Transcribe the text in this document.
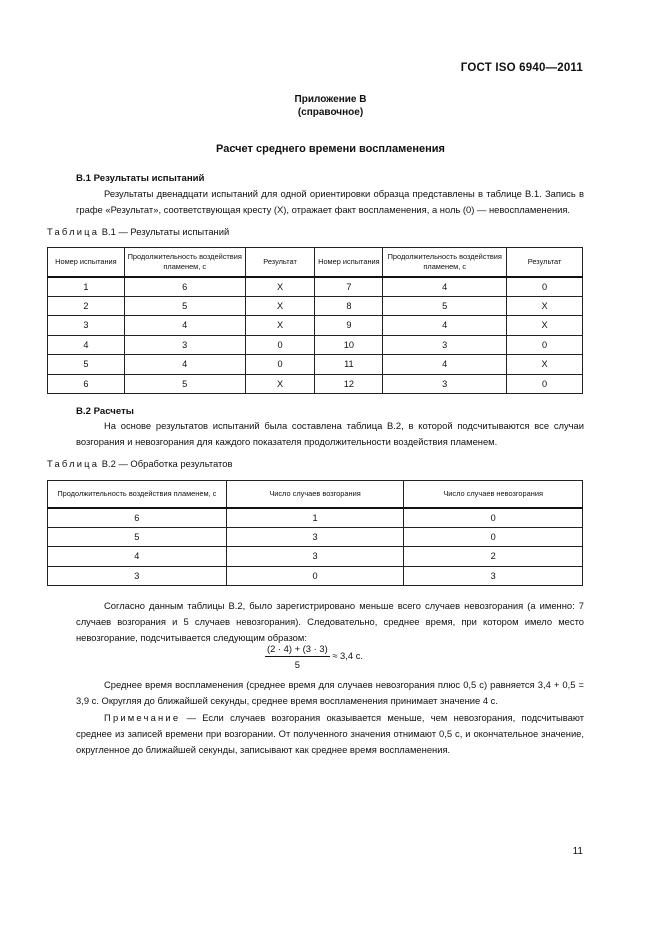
ГОСТ ISO 6940—2011
Приложение В
(справочное)
Расчет среднего времени воспламенения
В.1 Результаты испытаний
Результаты двенадцати испытаний для одной ориентировки образца представлены в таблице В.1. Запись в графе «Результат», соответствующая кресту (X), отражает факт воспламенения, а ноль (0) — невоспламенения.
Таблица В.1 — Результаты испытаний
Номер испытания	Продолжительность воздействия пламенем, с	Результат	Номер испытания	Продолжительность воздействия пламенем, с	Результат
1	6	X	7	4	0
2	5	X	8	5	X
3	4	X	9	4	X
4	3	0	10	3	0
5	4	0	11	4	X
6	5	X	12	3	0
В.2 Расчеты
На основе результатов испытаний была составлена таблица В.2, в которой подсчитываются все случаи возгорания и невозгорания для каждого показателя продолжительности воздействия пламенем.
Таблица В.2 — Обработка результатов
Продолжительность воздействия пламенем, с	Число случаев возгорания	Число случаев невозгорания
6	1	0
5	3	0
4	3	2
3	0	3
Согласно данным таблицы В.2, было зарегистрировано меньше всего случаев невозгорания (а именно: 7 случаев возгорания и 5 случаев невозгорания). Следовательно, среднее время, при котором имело место невозгорание, подсчитывается следующим образом:
$\frac{(2 \cdot 4) + (3 \cdot 3)}{5} \approx 3,4$ с.
Среднее время воспламенения (среднее время для случаев невозгорания плюс 0,5 с) равняется 3,4 + 0,5 = 3,9 с. Округляя до ближайшей секунды, среднее время воспламенения принимает значение 4 с.
Примечание — Если случаев возгорания оказывается меньше, чем невозгорания, подсчитывают среднее из записей времени при возгорании. От полученного значения отнимают 0,5 с, и окончательное значение, округленное до ближайшей секунды, записывают как среднее время воспламенения.
11
